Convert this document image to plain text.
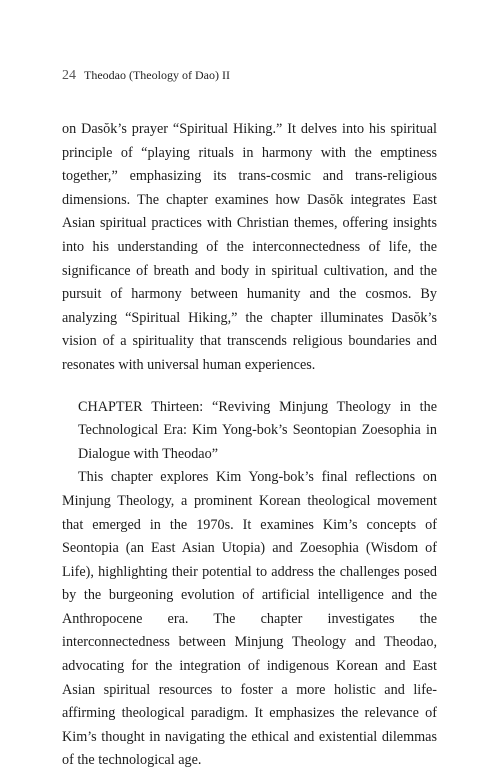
24 Theodao (Theology of Dao) II

on Dasŏk’s prayer “Spiritual Hiking.” It delves into his spiritual principle of “playing rituals in harmony with the emptiness together,” emphasizing its trans-cosmic and trans-religious dimensions. The chapter examines how Dasŏk integrates East Asian spiritual practices with Christian themes, offering insights into his understanding of the interconnectedness of life, the significance of breath and body in spiritual cultivation, and the pursuit of harmony between humanity and the cosmos. By analyzing “Spiritual Hiking,” the chapter illuminates Dasŏk’s vision of a spirituality that transcends religious boundaries and resonates with universal human experiences.

CHAPTER Thirteen: “Reviving Minjung Theology in the Technological Era: Kim Yong-bok’s Seontopian Zoesophia in Dialogue with Theodao”

This chapter explores Kim Yong-bok’s final reflections on Minjung Theology, a prominent Korean theological movement that emerged in the 1970s. It examines Kim’s concepts of Seontopia (an East Asian Utopia) and Zoesophia (Wisdom of Life), highlighting their potential to address the challenges posed by the burgeoning evolution of artificial intelligence and the Anthropocene era. The chapter investigates the interconnectedness between Minjung Theology and Theodao, advocating for the integration of indigenous Korean and East Asian spiritual resources to foster a more holistic and life-affirming theological paradigm. It emphasizes the relevance of Kim’s thought in navigating the ethical and existential dilemmas of the technological age.
